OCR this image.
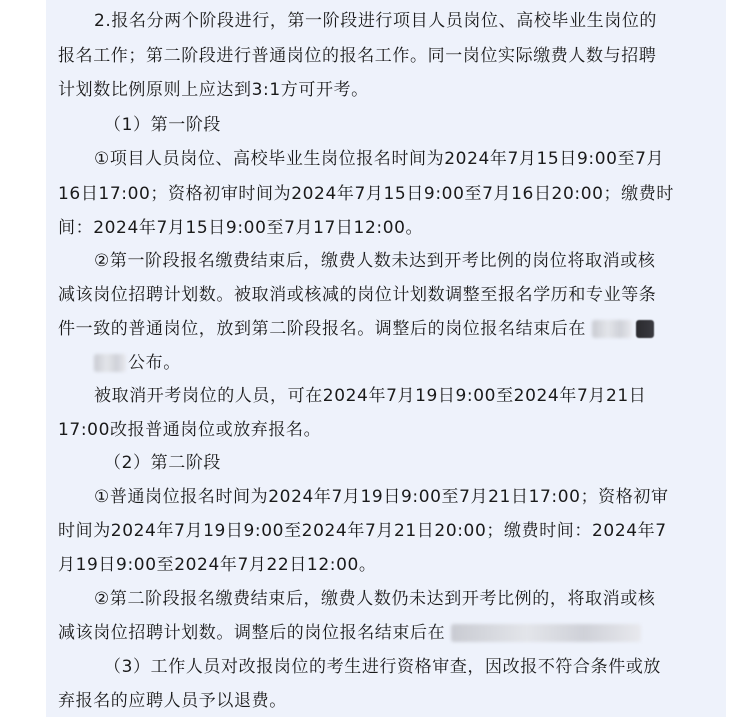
2.报名分两个阶段进行，第一阶段进行项目人员岗位、高校毕业生岗位的
报名工作；第二阶段进行普通岗位的报名工作。同一岗位实际缴费人数与招聘
计划数比例原则上应达到3:1方可开考。
（1）第一阶段
①项目人员岗位、高校毕业生岗位报名时间为2024年7月15日9:00至7月
16日17:00；资格初审时间为2024年7月15日9:00至7月16日20:00；缴费时
间：2024年7月15日9:00至7月17日12:00。
②第一阶段报名缴费结束后，缴费人数未达到开考比例的岗位将取消或核
减该岗位招聘计划数。被取消或核减的岗位计划数调整至报名学历和专业等条
件一致的普通岗位，放到第二阶段报名。调整后的岗位报名结束后在
公布。
被取消开考岗位的人员，可在2024年7月19日9:00至2024年7月21日
17:00改报普通岗位或放弃报名。
（2）第二阶段
①普通岗位报名时间为2024年7月19日9:00至7月21日17:00；资格初审
时间为2024年7月19日9:00至2024年7月21日20:00；缴费时间：2024年7
月19日9:00至2024年7月22日12:00。
②第二阶段报名缴费结束后，缴费人数仍未达到开考比例的，将取消或核
减该岗位招聘计划数。调整后的岗位报名结束后在
（3）工作人员对改报岗位的考生进行资格审查，因改报不符合条件或放
弃报名的应聘人员予以退费。
